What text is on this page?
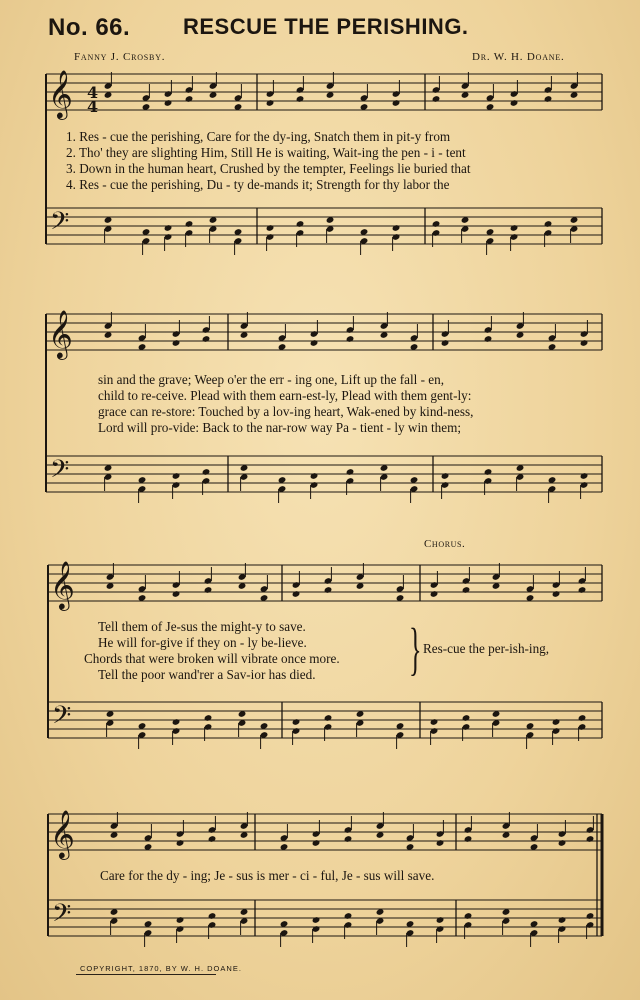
No. 66. RESCUE THE PERISHING.
Fanny J. Crosby.	Dr. W. H. Doane.
𝄞
𝄢
4
4
𝄞
𝄢
𝄞
𝄢
𝄞
𝄢
1. Res - cue the perishing, Care for the dy-ing, Snatch them in pit-y from
2. Tho' they are slighting Him, Still He is waiting, Wait-ing the pen - i - tent
3. Down in the human heart, Crushed by the tempter, Feelings lie buried that
4. Res - cue the perishing, Du - ty de-mands it; Strength for thy labor the
sin and the grave; Weep o'er the err - ing one, Lift up the fall - en,
child to re-ceive. Plead with them earn-est-ly, Plead with them gent-ly:
grace can re-store: Touched by a lov-ing heart, Wak-ened by kind-ness,
Lord will pro-vide: Back to the nar-row way Pa - tient - ly win them;
Chorus.
Tell them of Je-sus the might-y to save.
He will for-give if they on - ly be-lieve.
Chords that were broken will vibrate once more.
Tell the poor wand'rer a Sav-ior has died. } Res-cue the per-ish-ing,
Care for the dy - ing; Je - sus is mer - ci - ful, Je - sus will save.
COPYRIGHT, 1870, BY W. H. DOANE.
